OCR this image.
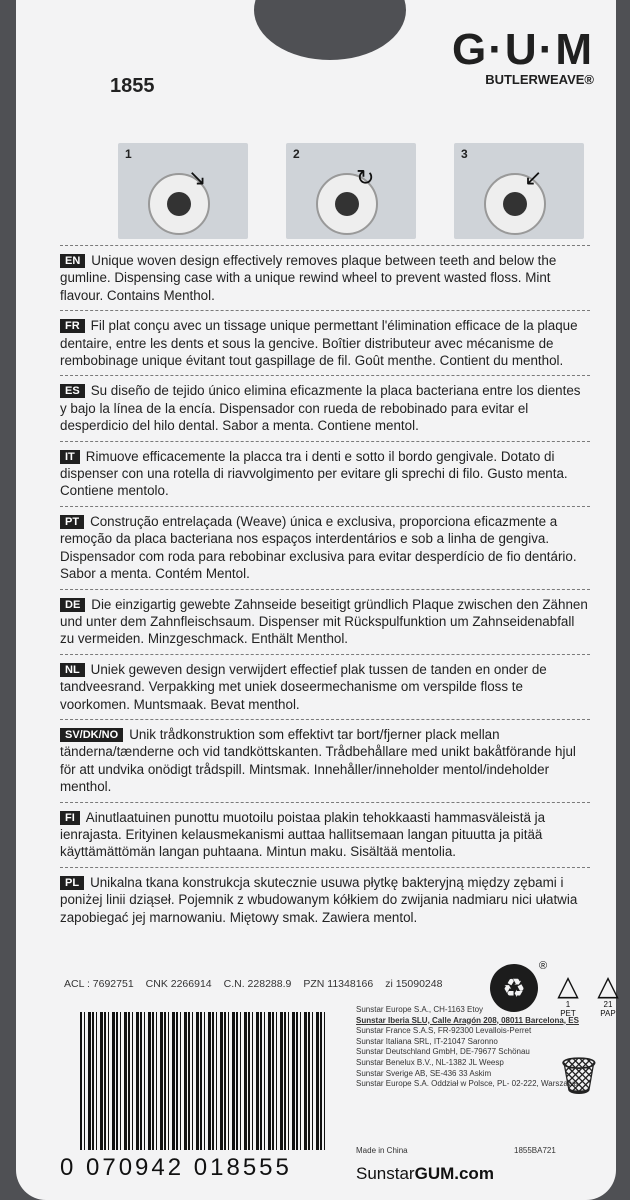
1855
G·U·M
BUTLERWEAVE®
1
↘
2
↻
3
↙
EN Unique woven design effectively removes plaque between teeth and below the gumline. Dispensing case with a unique rewind wheel to prevent wasted floss. Mint flavour. Contains Menthol.
FR Fil plat conçu avec un tissage unique permettant l'élimination efficace de la plaque dentaire, entre les dents et sous la gencive. Boîtier distributeur avec mécanisme de rembobinage unique évitant tout gaspillage de fil. Goût menthe. Contient du menthol.
ES Su diseño de tejido único elimina eficazmente la placa bacteriana entre los dientes y bajo la línea de la encía. Dispensador con rueda de rebobinado para evitar el desperdicio del hilo dental. Sabor a menta. Contiene mentol.
IT Rimuove efficacemente la placca tra i denti e sotto il bordo gengivale. Dotato di dispenser con una rotella di riavvolgimento per evitare gli sprechi di filo. Gusto menta. Contiene mentolo.
PT Construção entrelaçada (Weave) única e exclusiva, proporciona eficazmente a remoção da placa bacteriana nos espaços interdentários e sob a linha de gengiva. Dispensador com roda para rebobinar exclusiva para evitar desperdício de fio dentário. Sabor a menta. Contém Mentol.
DE Die einzigartig gewebte Zahnseide beseitigt gründlich Plaque zwischen den Zähnen und unter dem Zahnfleischsaum. Dispenser mit Rückspulfunktion um Zahnseidenabfall zu vermeiden. Minzgeschmack. Enthält Menthol.
NL Uniek geweven design verwijdert effectief plak tussen de tanden en onder de tandveesrand. Verpakking met uniek doseermechanisme om verspilde floss te voorkomen. Muntsmaak. Bevat menthol.
SV/DK/NO Unik trådkonstruktion som effektivt tar bort/fjerner plack mellan tänderna/tænderne och vid tandköttskanten. Trådbehållare med unikt bakåtförande hjul för att undvika onödigt trådspill. Mintsmak. Innehåller/inneholder mentol/indeholder menthol.
FI Ainutlaatuinen punottu muotoilu poistaa plakin tehokkaasti hammasväleistä ja ienrajasta. Erityinen kelausmekanismi auttaa hallitsemaan langan pituutta ja pitää käyttämättömän langan puhtaana. Mintun maku. Sisältää mentolia.
PL Unikalna tkana konstrukcja skutecznie usuwa płytkę bakteryjną między zębami i poniżej linii dziąseł. Pojemnik z wbudowanym kółkiem do zwijania nadmiaru nici ułatwia zapobiegać jej marnowaniu. Miętowy smak. Zawiera mentol.
ACL : 7692751 CNK 2266914 C.N. 228288.9 PZN 11348166 zi 15090248	♻
®
△
1
PET
△
21
PAP
Sunstar Europe S.A., CH-1163 Etoy
Sunstar Iberia SLU, Calle Aragón 208, 08011 Barcelona, ES
Sunstar France S.A.S, FR-92300 Levallois-Perret
Sunstar Italiana SRL, IT-21047 Saronno
Sunstar Deutschland GmbH, DE-79677 Schönau
Sunstar Benelux B.V., NL-1382 JL Weesp
Sunstar Sverige AB, SE-436 33 Askim
Sunstar Europe S.A. Oddział w Polsce, PL- 02-222, Warszawa
🗑
0 070942 018555
Made in China	1855BA721
SunstarGUM.com
